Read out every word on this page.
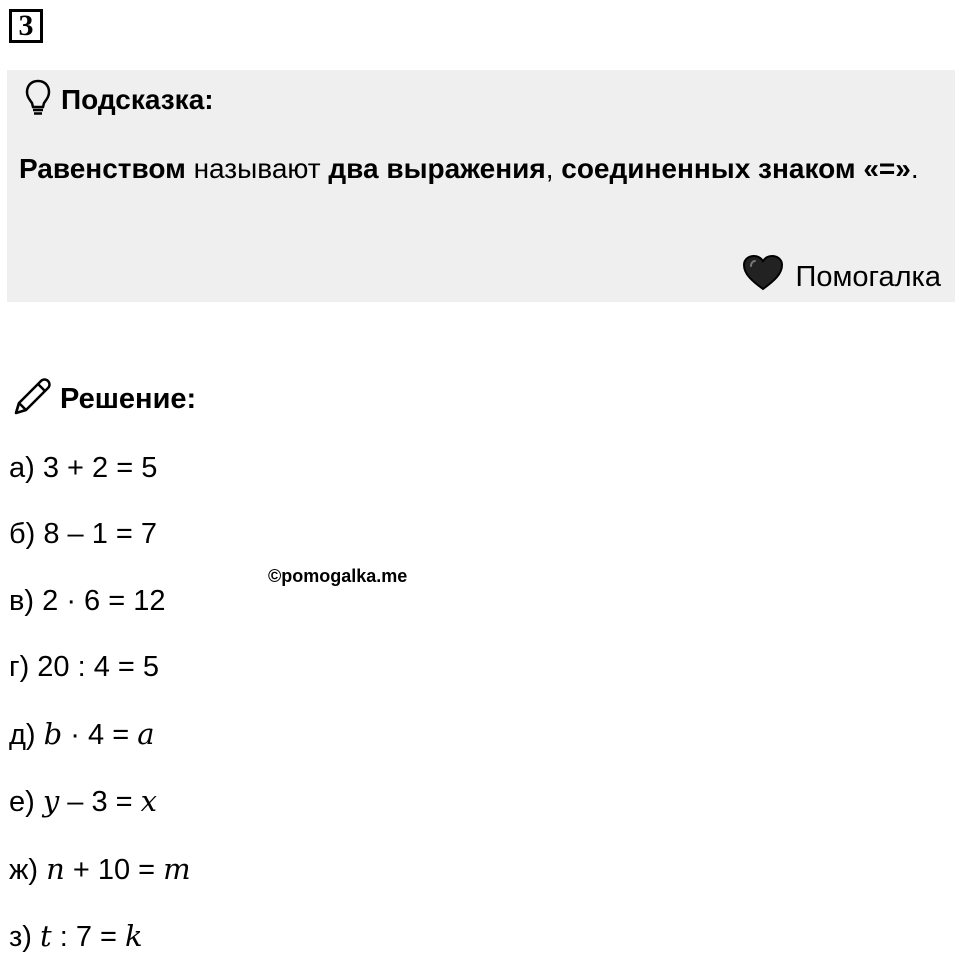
3
Подсказка:
Равенством называют два выражения, соединенных знаком «=».
Помогалка
Решение:
а) 3 + 2 = 5
б) 8 – 1 = 7
в) 2 · 6 = 12
г) 20 : 4 = 5
д) b · 4 = a
е) y – 3 = x
ж) n + 10 = m
з) t : 7 = k
©pomogalka.me
